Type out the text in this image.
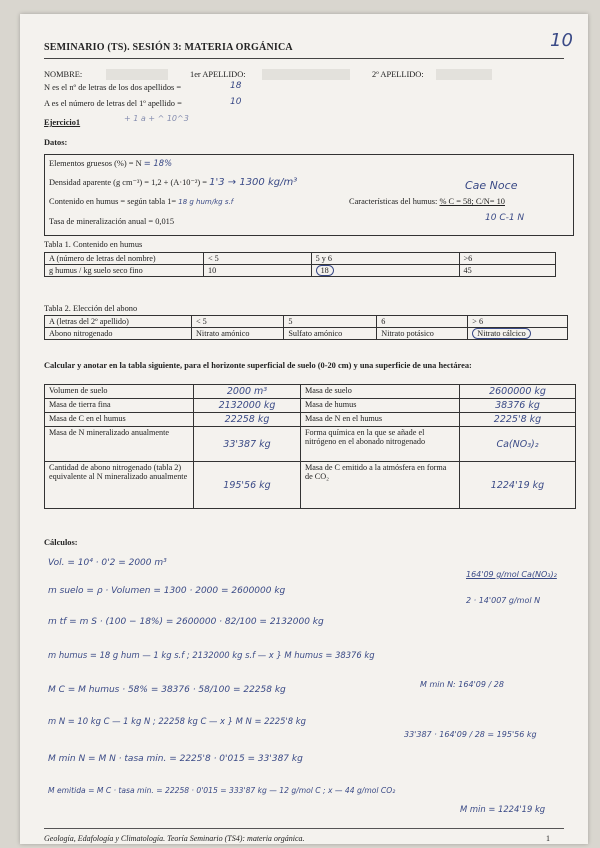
SEMINARIO (TS). SESIÓN 3: MATERIA ORGÁNICA	10
NOMBRE:	1er APELLIDO:	2º APELLIDO:
N es el nº de letras de los dos apellidos =	18
A es el número de letras del 1º apellido =	10
Ejercicio1	+ 1 a + ^ 10^3
Datos:
Elementos gruesos (%) = N = 18%
Densidad aparente (g cm⁻³) = 1,2 + (A·10⁻²) = 1'3 → 1300 kg/m³
Contenido en humus = según tabla 1= 18 g hum/kg s.f	Características del humus: % C = 58; C/N= 10
Cae Noce
10 C-1 N
Tasa de mineralización anual = 0,015
Tabla 1. Contenido en humus
A (número de letras del nombre)	< 5	5 y 6	>6
g humus / kg suelo seco fino	10	18	45
Tabla 2. Elección del abono
A (letras del 2º apellido)	< 5	5	6	> 6
Abono nitrogenado	Nitrato amónico	Sulfato amónico	Nitrato potásico	Nitrato cálcico
Calcular y anotar en la tabla siguiente, para el horizonte superficial de suelo (0-20 cm) y una superficie de una hectárea:
Volumen de suelo	2000 m³	Masa de suelo	2600000 kg
Masa de tierra fina	2132000 kg	Masa de humus	38376 kg
Masa de C en el humus	22258 kg	Masa de N en el humus	2225'8 kg
Masa de N mineralizado anualmente	33'387 kg	Forma química en la que se añade el nitrógeno en el abonado nitrogenado	Ca(NO₃)₂
Cantidad de abono nitrogenado (tabla 2) equivalente al N mineralizado anualmente	195'56 kg	Masa de C emitido a la atmósfera en forma de CO₂	1224'19 kg
Cálculos:
Vol. = 10⁴ · 0'2 = 2000 m³
m suelo = ρ · Volumen = 1300 · 2000 = 2600000 kg
m tf = m S · (100 − 18%) = 2600000 · 82/100 = 2132000 kg
m humus = 18 g hum — 1 kg s.f ; 2132000 kg s.f — x } M humus = 38376 kg
M C = M humus · 58% = 38376 · 58/100 = 22258 kg
m N = 10 kg C — 1 kg N ; 22258 kg C — x } M N = 2225'8 kg
M min N = M N · tasa min. = 2225'8 · 0'015 = 33'387 kg
M emitida = M C · tasa min. = 22258 · 0'015 = 333'87 kg — 12 g/mol C ; x — 44 g/mol CO₂
M min = 1224'19 kg
164'09 g/mol Ca(NO₃)₂
2 · 14'007 g/mol N
M min N: 164'09 / 28
33'387 · 164'09 / 28 = 195'56 kg
Geología, Edafología y Climatología. Teoría Seminario (TS4): materia orgánica.	1
